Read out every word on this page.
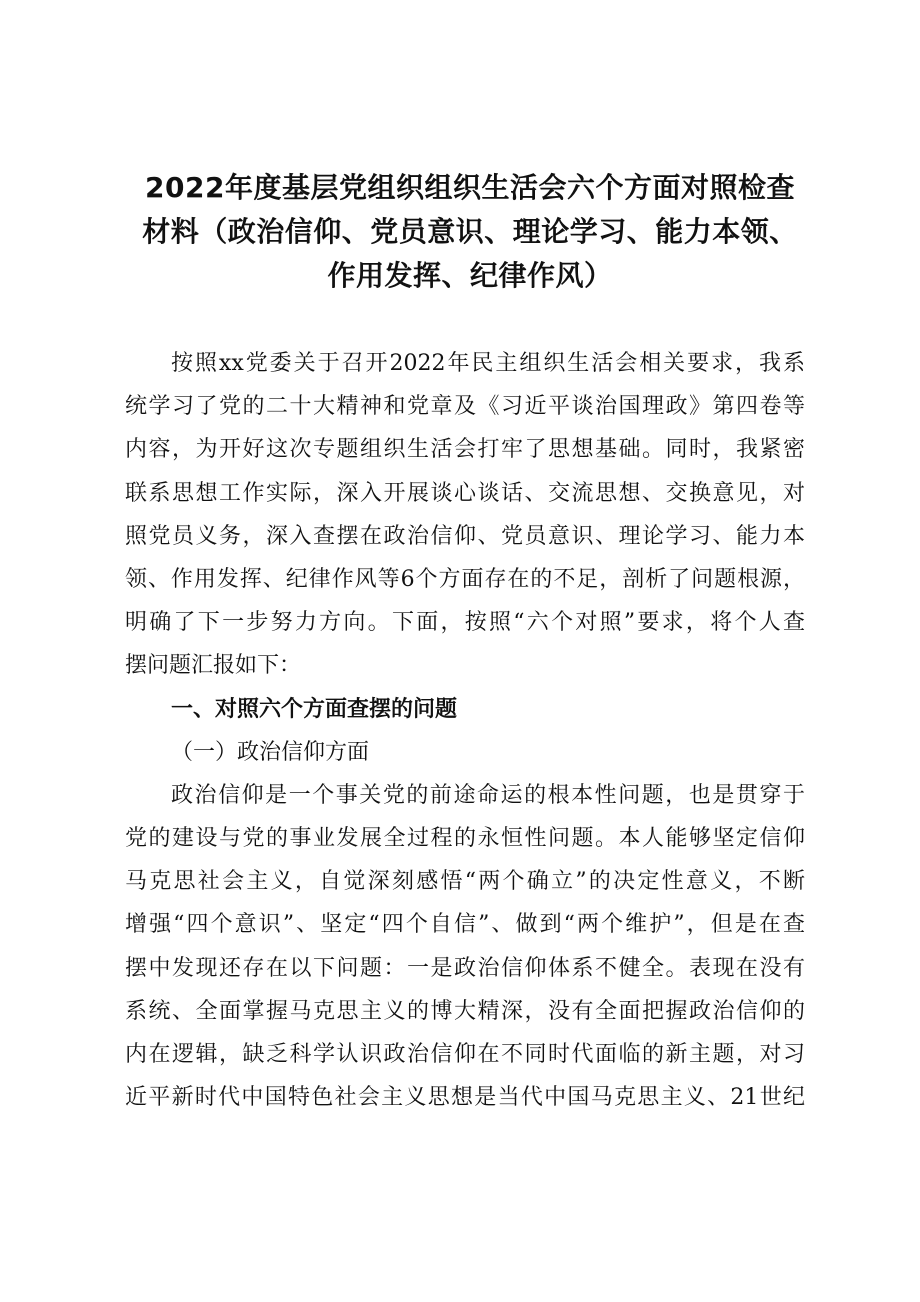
2022年度基层党组织组织生活会六个方面对照检查
材料（政治信仰、党员意识、理论学习、能力本领、
作用发挥、纪律作风）
按照xx党委关于召开2022年民主组织生活会相关要求，我系
统学习了党的二十大精神和党章及《习近平谈治国理政》第四卷等
内容，为开好这次专题组织生活会打牢了思想基础。同时，我紧密
联系思想工作实际，深入开展谈心谈话、交流思想、交换意见，对
照党员义务，深入查摆在政治信仰、党员意识、理论学习、能力本
领、作用发挥、纪律作风等6个方面存在的不足，剖析了问题根源，
明确了下一步努力方向。下面，按照“六个对照”要求，将个人查
摆问题汇报如下：
一、对照六个方面查摆的问题
（一）政治信仰方面
政治信仰是一个事关党的前途命运的根本性问题，也是贯穿于
党的建设与党的事业发展全过程的永恒性问题。本人能够坚定信仰
马克思社会主义，自觉深刻感悟“两个确立”的决定性意义，不断
增强“四个意识”、坚定“四个自信”、做到“两个维护”，但是在查
摆中发现还存在以下问题：一是政治信仰体系不健全。表现在没有
系统、全面掌握马克思主义的博大精深，没有全面把握政治信仰的
内在逻辑，缺乏科学认识政治信仰在不同时代面临的新主题，对习
近平新时代中国特色社会主义思想是当代中国马克思主义、21世纪
